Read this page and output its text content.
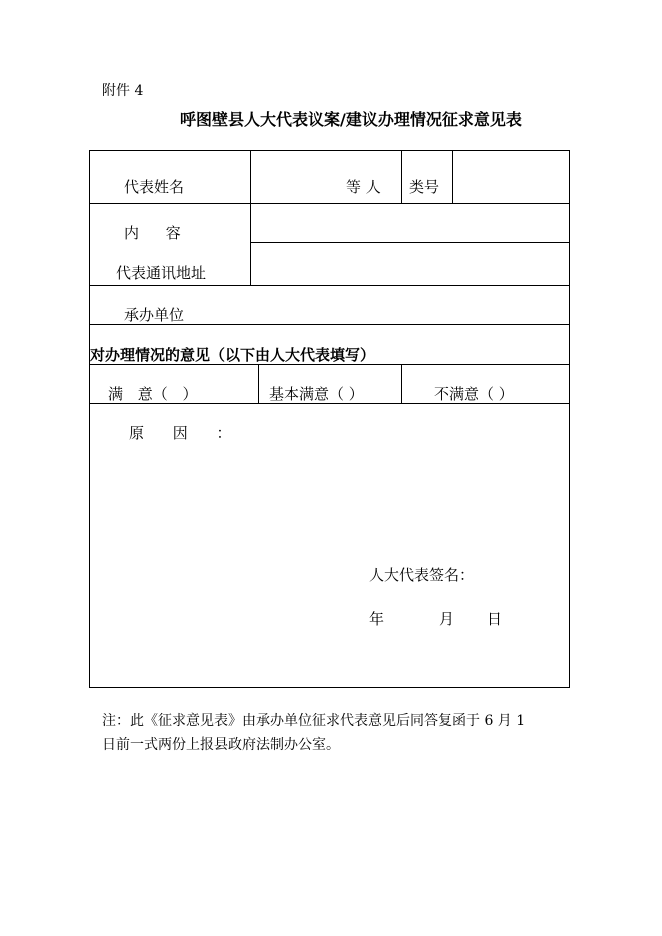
附件 4
呼图壁县人大代表议案/建议办理情况征求意见表
代表姓名	等 人 类号
内 容
代表通讯地址
承办单位
对办理情况的意见（以下由人大代表填写）
满 意（ ）	基本满意（ ）	不满意（ ）
原 因 ：
人大代表签名：
年	月 日
注：此《征求意见表》由承办单位征求代表意见后同答复函于 6 月 1
日前一式两份上报县政府法制办公室。
